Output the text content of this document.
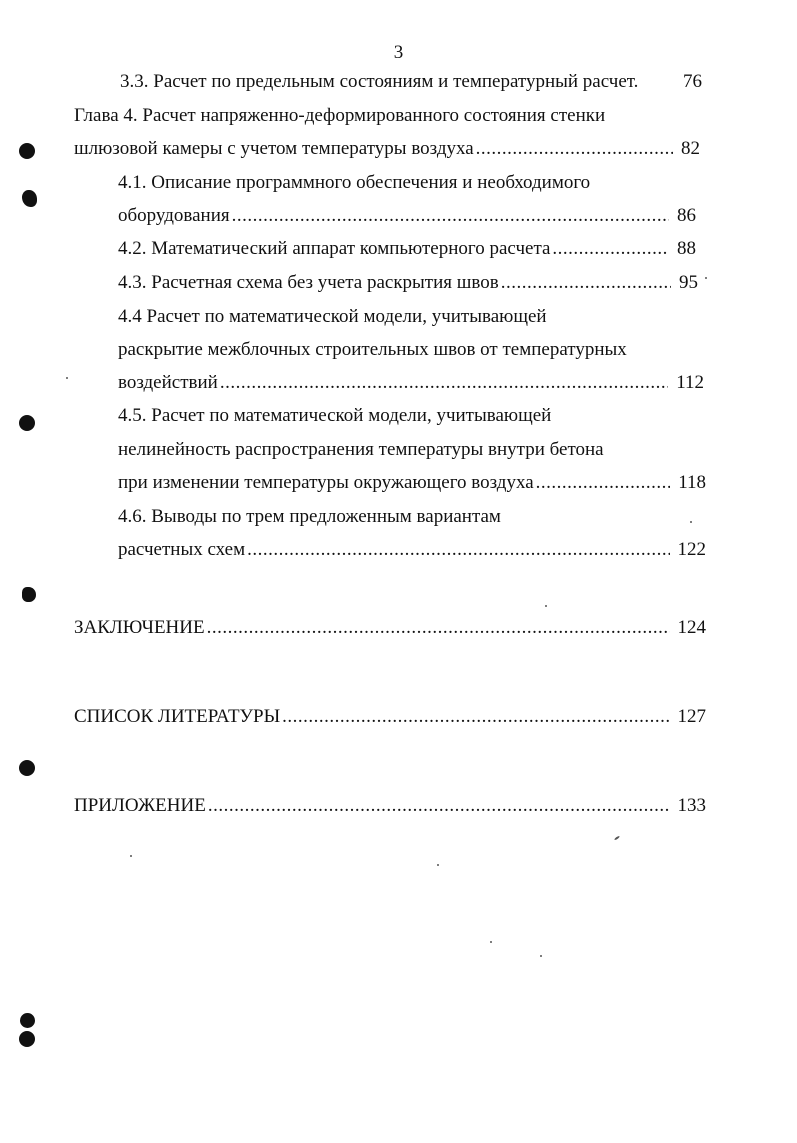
3
3.3. Расчет по предельным состояниям и температурный расчет. 76
Глава 4. Расчет напряженно-деформированного состояния стенки
шлюзовой камеры с учетом температуры воздуха .....	82
4.1. Описание программного обеспечения и необходимого
оборудования .....	86
4.2. Математический аппарат компьютерного расчета .....	88
4.3. Расчетная схема без учета раскрытия швов .....	95
4.4 Расчет по математической модели, учитывающей
раскрытие межблочных строительных швов от температурных
воздействий .....	112
4.5. Расчет по математической модели, учитывающей
нелинейность распространения температуры внутри бетона
при изменении температуры окружающего воздуха .....	118
4.6. Выводы по трем предложенным вариантам
расчетных схем .....	122
ЗАКЛЮЧЕНИЕ .....	124
СПИСОК ЛИТЕРАТУРЫ .....	127
ПРИЛОЖЕНИЕ .....	133
